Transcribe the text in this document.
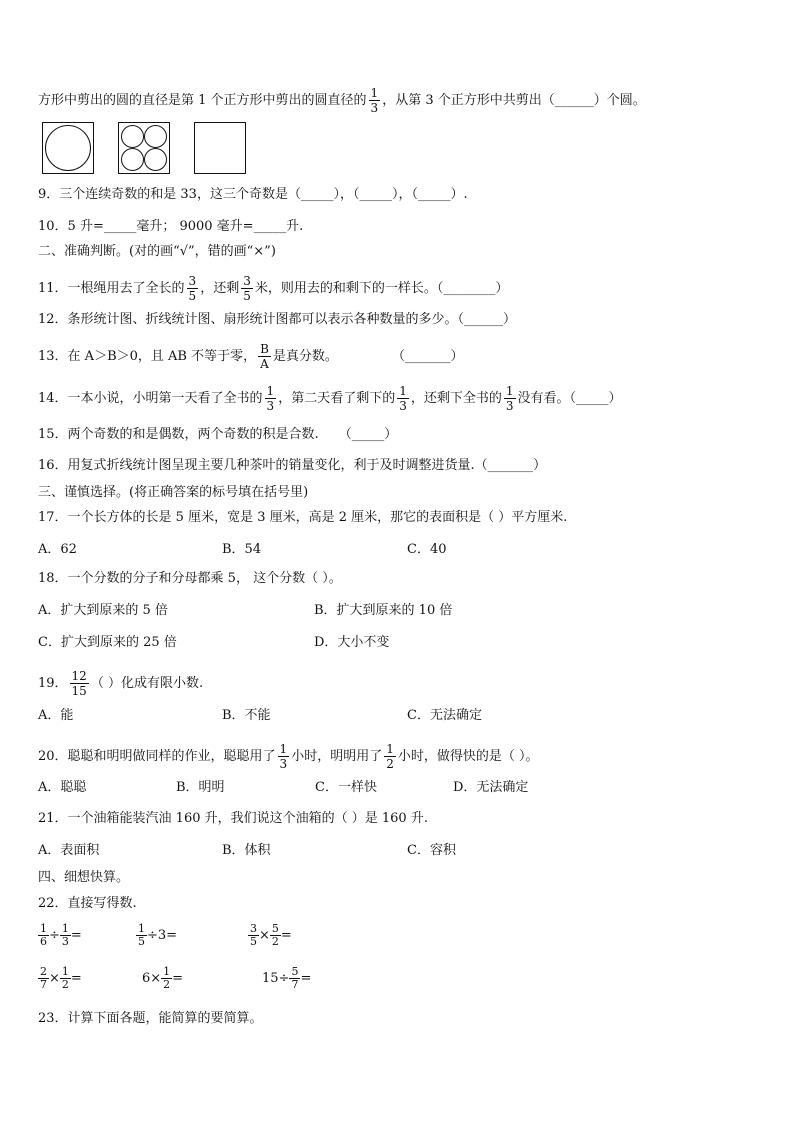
方形中剪出的圆的直径是第 1 个正方形中剪出的圆直径的 $\frac{1}{3}$ ，从第 3 个正方形中共剪出（______）个圆。
9．三个连续奇数的和是 33，这三个奇数是（_____），（_____），（_____）.
10．5 升=_____毫升； 9000 毫升=_____升.
二、准确判断。(对的画“√”，错的画“×”)
11．一根绳用去了全长的 $\frac{3}{5}$ ，还剩 $\frac{3}{5}$ 米，则用去的和剩下的一样长。（________）
12．条形统计图、折线统计图、扇形统计图都可以表示各种数量的多少。（______）
13．在 A＞B＞0，且 AB 不等于零， $\frac{B}{A}$ 是真分数。	（_______）
14．一本小说，小明第一天看了全书的 $\frac{1}{3}$ ，第二天看了剩下的 $\frac{1}{3}$ ，还剩下全书的 $\frac{1}{3}$ 没有看。（_____）
15．两个奇数的和是偶数，两个奇数的积是合数. （_____）
16．用复式折线统计图呈现主要几种茶叶的销量变化，利于及时调整进货量.（_______）
三、谨慎选择。(将正确答案的标号填在括号里)
17．一个长方体的长是 5 厘米，宽是 3 厘米，高是 2 厘米，那它的表面积是（ ）平方厘米.
A．62	B．54	C．40
18．一个分数的分子和分母都乘 5， 这个分数（ ）。
A．扩大到原来的 5 倍	B．扩大到原来的 10 倍
C．扩大到原来的 25 倍	D．大小不变
19． $\frac{12}{15}$ （ ）化成有限小数.
A．能	B．不能	C．无法确定
20．聪聪和明明做同样的作业，聪聪用了 $\frac{1}{3}$ 小时，明明用了 $\frac{1}{2}$ 小时，做得快的是（ ）。
A．聪聪	B．明明	C．一样快	D．无法确定
21．一个油箱能装汽油 160 升，我们说这个油箱的（ ）是 160 升.
A．表面积	B．体积	C．容积
四、细想快算。
22．直接写得数.
$\frac{1}{6} \div \frac{1}{3}$ =	$\frac{1}{5} \div 3=$	$\frac{3}{5} \times \frac{5}{2}$ =
$\frac{2}{7} \times \frac{1}{2}$ =	$6\times \frac{1}{2}$ =	$15\div \frac{5}{7}$ =
23．计算下面各题，能简算的要简算。
